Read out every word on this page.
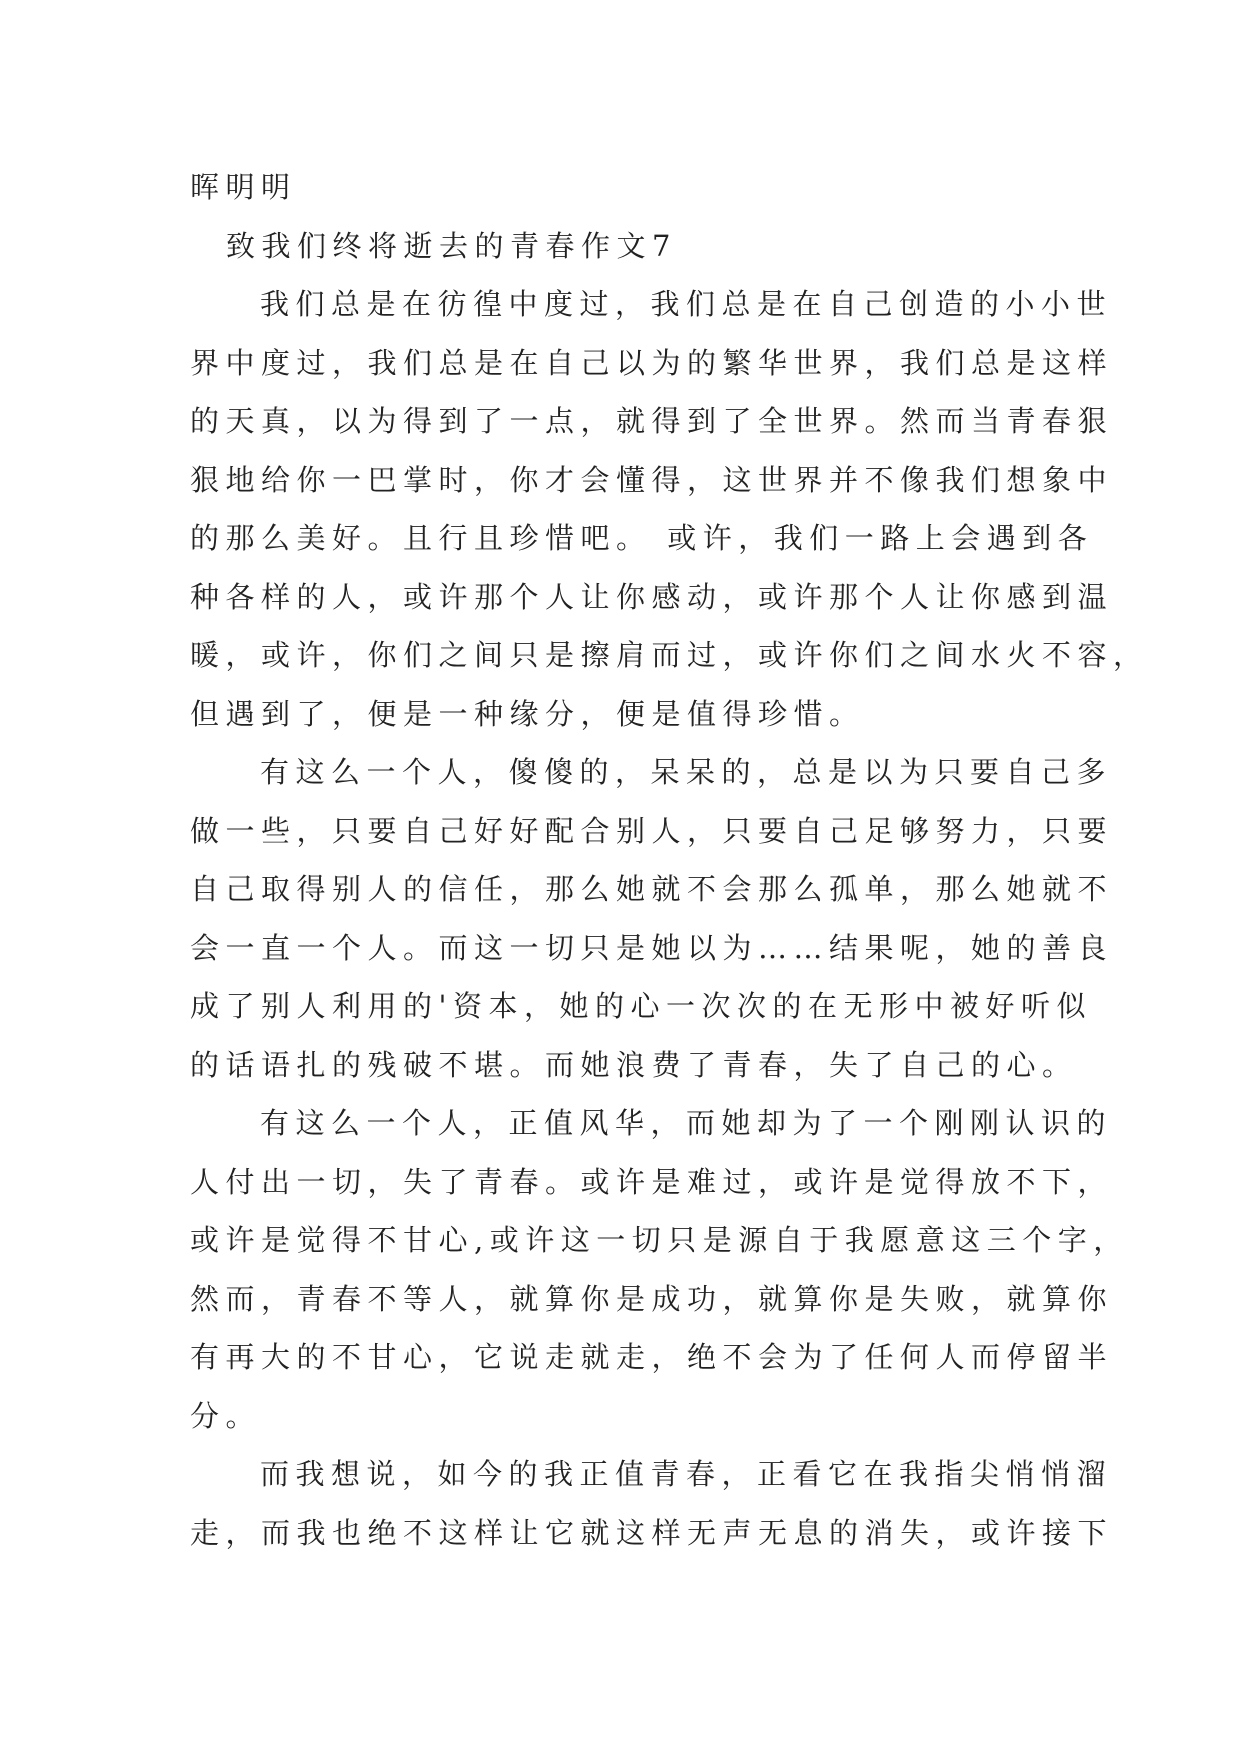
晖明明
致我们终将逝去的青春作文7
我们总是在彷徨中度过，我们总是在自己创造的小小世
界中度过，我们总是在自己以为的繁华世界，我们总是这样
的天真，以为得到了一点，就得到了全世界。然而当青春狠
狠地给你一巴掌时，你才会懂得，这世界并不像我们想象中
的那么美好。且行且珍惜吧。 或许，我们一路上会遇到各
种各样的人，或许那个人让你感动，或许那个人让你感到温
暖，或许，你们之间只是擦肩而过，或许你们之间水火不容，
但遇到了，便是一种缘分，便是值得珍惜。
有这么一个人，傻傻的，呆呆的，总是以为只要自己多
做一些，只要自己好好配合别人，只要自己足够努力，只要
自己取得别人的信任，那么她就不会那么孤单，那么她就不
会一直一个人。而这一切只是她以为……结果呢，她的善良
成了别人利用的'资本，她的心一次次的在无形中被好听似
的话语扎的残破不堪。而她浪费了青春，失了自己的心。
有这么一个人，正值风华，而她却为了一个刚刚认识的
人付出一切，失了青春。或许是难过，或许是觉得放不下，
或许是觉得不甘心,或许这一切只是源自于我愿意这三个字，
然而，青春不等人，就算你是成功，就算你是失败，就算你
有再大的不甘心，它说走就走，绝不会为了任何人而停留半
分。
而我想说，如今的我正值青春，正看它在我指尖悄悄溜
走，而我也绝不这样让它就这样无声无息的消失，或许接下
